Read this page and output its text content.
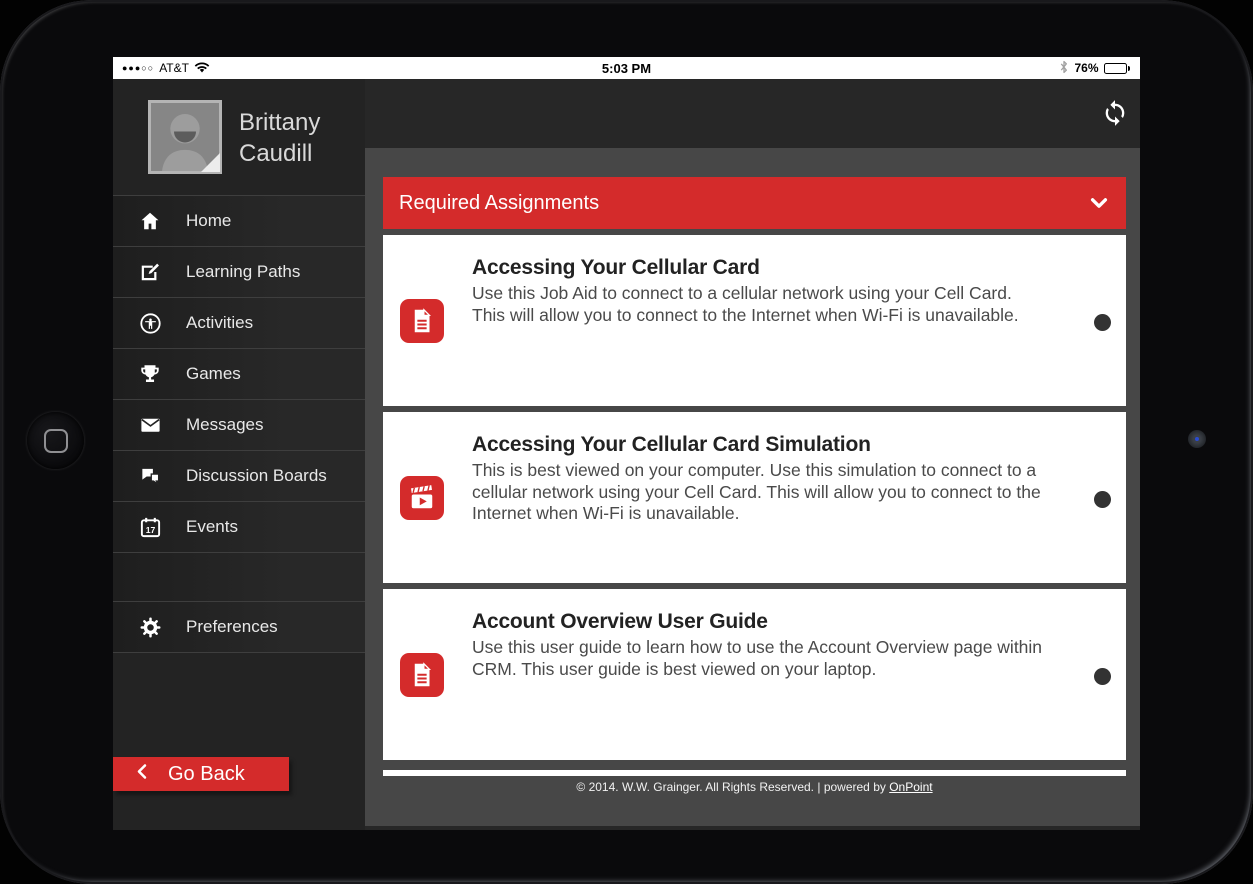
●●●○○ AT&T	5:03 PM	76%
Brittany
Caudill
Home
Learning Paths
Activities
Games
Messages
Discussion Boards
17 Events
Preferences
Go Back
Required Assignments
Accessing Your Cellular Card

Use this Job Aid to connect to a cellular network using your Cell Card. This will allow you to connect to the Internet when Wi-Fi is unavailable.

Accessing Your Cellular Card Simulation

This is best viewed on your computer. Use this simulation to connect to a cellular network using your Cell Card. This will allow you to connect to the Internet when Wi-Fi is unavailable.

Account Overview User Guide

Use this user guide to learn how to use the Account Overview page within CRM. This user guide is best viewed on your laptop.

© 2014. W.W. Grainger. All Rights Reserved. | powered by OnPoint
